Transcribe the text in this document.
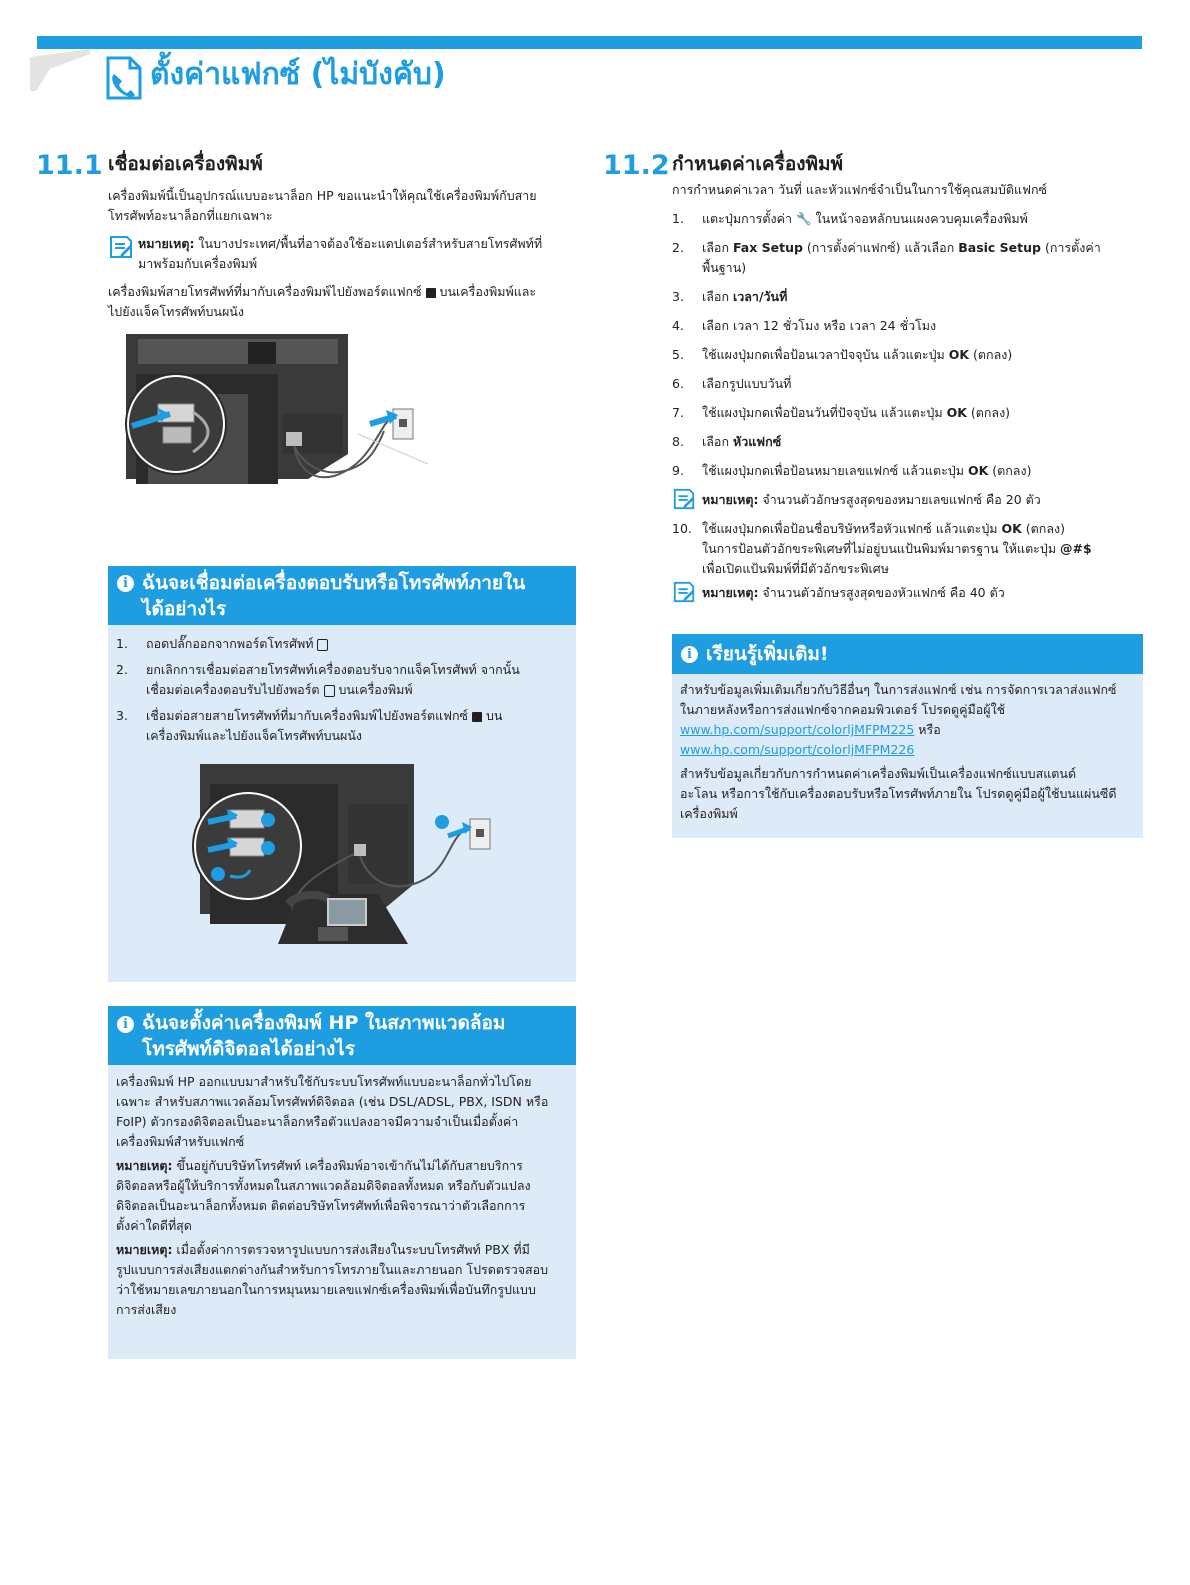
ตั้งค่าแฟกซ์ (ไม่บังคับ)
11.1 เชื่อมต่อเครื่องพิมพ์

เครื่องพิมพ์นี้เป็นอุปกรณ์แบบอะนาล็อก HP ขอแนะนำให้คุณใช้เครื่องพิมพ์กับสาย
โทรศัพท์อะนาล็อกที่แยกเฉพาะ

หมายเหตุ: ในบางประเทศ/พื้นที่อาจต้องใช้อะแดปเตอร์สำหรับสายโทรศัพท์ที่
มาพร้อมกับเครื่องพิมพ์

เครื่องพิมพ์สายโทรศัพท์ที่มากับเครื่องพิมพ์ไปยังพอร์ตแฟกซ์  บนเครื่องพิมพ์และ
ไปยังแจ็คโทรศัพท์บนผนัง

i ฉันจะเชื่อมต่อเครื่องตอบรับหรือโทรศัพท์ภายใน
ได้อย่างไร

1. ถอดปลั๊กออกจากพอร์ตโทรศัพท์
2. ยกเลิกการเชื่อมต่อสายโทรศัพท์เครื่องตอบรับจากแจ็คโทรศัพท์ จากนั้น
เชื่อมต่อเครื่องตอบรับไปยังพอร์ต  บนเครื่องพิมพ์
3. เชื่อมต่อสายสายโทรศัพท์ที่มากับเครื่องพิมพ์ไปยังพอร์ตแฟกซ์  บน
เครื่องพิมพ์และไปยังแจ็คโทรศัพท์บนผนัง
i ฉันจะตั้งค่าเครื่องพิมพ์ HP ในสภาพแวดล้อม
โทรศัพท์ดิจิตอลได้อย่างไร

เครื่องพิมพ์ HP ออกแบบมาสำหรับใช้กับระบบโทรศัพท์แบบอะนาล็อกทั่วไปโดย
เฉพาะ สำหรับสภาพแวดล้อมโทรศัพท์ดิจิตอล (เช่น DSL/ADSL, PBX, ISDN หรือ
FoIP) ตัวกรองดิจิตอลเป็นอะนาล็อกหรือตัวแปลงอาจมีความจำเป็นเมื่อตั้งค่า
เครื่องพิมพ์สำหรับแฟกซ์

หมายเหตุ: ขึ้นอยู่กับบริษัทโทรศัพท์ เครื่องพิมพ์อาจเข้ากันไม่ได้กับสายบริการ
ดิจิตอลหรือผู้ให้บริการทั้งหมดในสภาพแวดล้อมดิจิตอลทั้งหมด หรือกับตัวแปลง
ดิจิตอลเป็นอะนาล็อกทั้งหมด ติดต่อบริษัทโทรศัพท์เพื่อพิจารณาว่าตัวเลือกการ
ตั้งค่าใดดีที่สุด

หมายเหตุ: เมื่อตั้งค่าการตรวจหารูปแบบการส่งเสียงในระบบโทรศัพท์ PBX ที่มี
รูปแบบการส่งเสียงแตกต่างกันสำหรับการโทรภายในและภายนอก โปรดตรวจสอบ
ว่าใช้หมายเลขภายนอกในการหมุนหมายเลขแฟกซ์เครื่องพิมพ์เพื่อบันทึกรูปแบบ
การส่งเสียง

11.2 กำหนดค่าเครื่องพิมพ์

การกำหนดค่าเวลา วันที่ และหัวแฟกซ์จำเป็นในการใช้คุณสมบัติแฟกซ์

1. แตะปุ่มการตั้งค่า 🔧 ในหน้าจอหลักบนแผงควบคุมเครื่องพิมพ์
2. เลือก Fax Setup (การตั้งค่าแฟกซ์) แล้วเลือก Basic Setup (การตั้งค่า
พื้นฐาน)
3. เลือก เวลา/วันที่
4. เลือก เวลา 12 ชั่วโมง หรือ เวลา 24 ชั่วโมง
5. ใช้แผงปุ่มกดเพื่อป้อนเวลาปัจจุบัน แล้วแตะปุ่ม OK (ตกลง)
6. เลือกรูปแบบวันที่
7. ใช้แผงปุ่มกดเพื่อป้อนวันที่ปัจจุบัน แล้วแตะปุ่ม OK (ตกลง)
8. เลือก หัวแฟกซ์
9. ใช้แผงปุ่มกดเพื่อป้อนหมายเลขแฟกซ์ แล้วแตะปุ่ม OK (ตกลง)
หมายเหตุ: จำนวนตัวอักษรสูงสุดของหมายเลขแฟกซ์ คือ 20 ตัว
10. ใช้แผงปุ่มกดเพื่อป้อนชื่อบริษัทหรือหัวแฟกซ์ แล้วแตะปุ่ม OK (ตกลง)
ในการป้อนตัวอักขระพิเศษที่ไม่อยู่บนแป้นพิมพ์มาตรฐาน ให้แตะปุ่ม @#$
เพื่อเปิดแป้นพิมพ์ที่มีตัวอักขระพิเศษ
หมายเหตุ: จำนวนตัวอักษรสูงสุดของหัวแฟกซ์ คือ 40 ตัว
i เรียนรู้เพิ่มเติม!

สำหรับข้อมูลเพิ่มเติมเกี่ยวกับวิธีอื่นๆ ในการส่งแฟกซ์ เช่น การจัดการเวลาส่งแฟกซ์
ในภายหลังหรือการส่งแฟกซ์จากคอมพิวเตอร์ โปรดดูคู่มือผู้ใช้
www.hp.com/support/colorljMFPM225 หรือ
www.hp.com/support/colorljMFPM226

สำหรับข้อมูลเกี่ยวกับการกำหนดค่าเครื่องพิมพ์เป็นเครื่องแฟกซ์แบบสแตนด์
อะโลน หรือการใช้กับเครื่องตอบรับหรือโทรศัพท์ภายใน โปรดดูคู่มือผู้ใช้บนแผ่นซีดี
เครื่องพิมพ์
